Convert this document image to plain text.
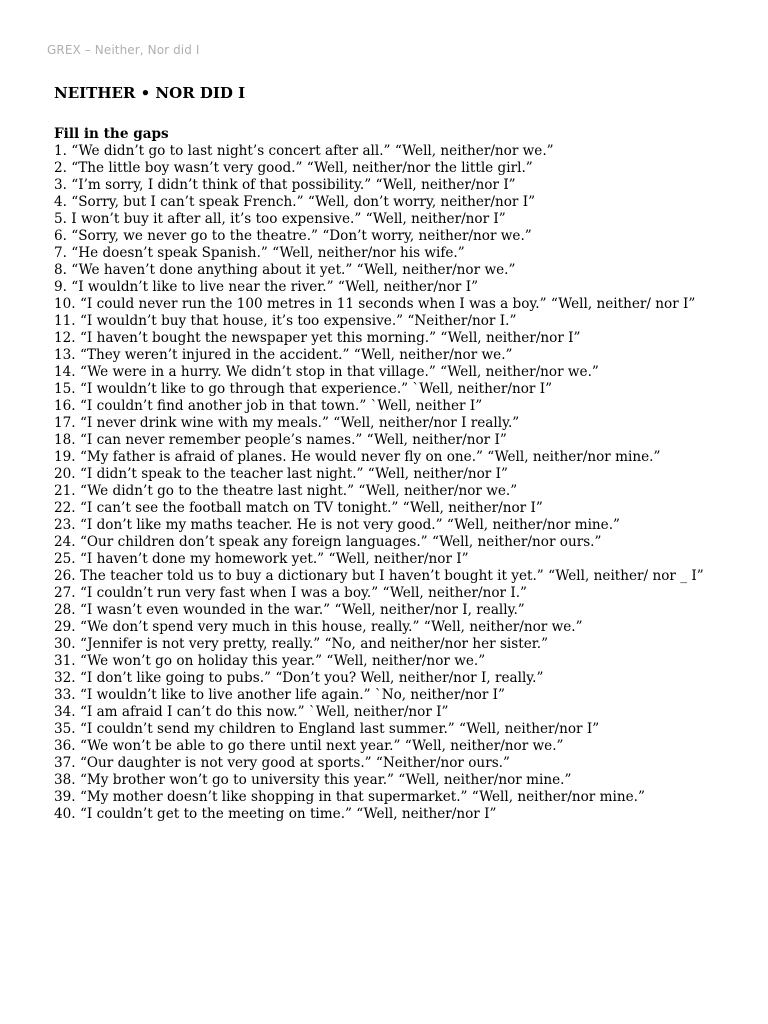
GREX – Neither, Nor did I
NEITHER • NOR DID I
Fill in the gaps
1. “We didn’t go to last night’s concert after all.” “Well, neither/nor we.”
2. “The little boy wasn’t very good.” “Well, neither/nor the little girl.”
3. “I’m sorry, I didn’t think of that possibility.” “Well, neither/nor I”
4. “Sorry, but I can’t speak French.” “Well, don’t worry, neither/nor I”
5. I won’t buy it after all, it’s too expensive.” “Well, neither/nor I”
6. “Sorry, we never go to the theatre.” “Don’t worry, neither/nor we.”
7. “He doesn’t speak Spanish.” “Well, neither/nor his wife.”
8. “We haven’t done anything about it yet.” “Well, neither/nor we.”
9. “I wouldn’t like to live near the river.” “Well, neither/nor I”
10. “I could never run the 100 metres in 11 seconds when I was a boy.” “Well, neither/ nor I”
11. “I wouldn’t buy that house, it’s too expensive.” “Neither/nor I.”
12. “I haven’t bought the newspaper yet this morning.” “Well, neither/nor I”
13. “They weren’t injured in the accident.” “Well, neither/nor we.”
14. “We were in a hurry. We didn’t stop in that village.” “Well, neither/nor we.”
15. “I wouldn’t like to go through that experience.” `Well, neither/nor I”
16. “I couldn’t find another job in that town.” `Well, neither I”
17. “I never drink wine with my meals.” “Well, neither/nor I really.”
18. “I can never remember people’s names.” “Well, neither/nor I”
19. “My father is afraid of planes. He would never fly on one.” “Well, neither/nor mine.”
20. “I didn’t speak to the teacher last night.” “Well, neither/nor I”
21. “We didn’t go to the theatre last night.” “Well, neither/nor we.”
22. “I can’t see the football match on TV tonight.” “Well, neither/nor I”
23. “I don’t like my maths teacher. He is not very good.” “Well, neither/nor mine.”
24. “Our children don’t speak any foreign languages.” “Well, neither/nor ours.”
25. “I haven’t done my homework yet.” “Well, neither/nor I”
26. The teacher told us to buy a dictionary but I haven’t bought it yet.” “Well, neither/ nor _ I”
27. “I couldn’t run very fast when I was a boy.” “Well, neither/nor I.”
28. “I wasn’t even wounded in the war.” “Well, neither/nor I, really.”
29. “We don’t spend very much in this house, really.” “Well, neither/nor we.”
30. “Jennifer is not very pretty, really.” “No, and neither/nor her sister.”
31. “We won’t go on holiday this year.” “Well, neither/nor we.”
32. “I don’t like going to pubs.” “Don’t you? Well, neither/nor I, really.”
33. “I wouldn’t like to live another life again.” `No, neither/nor I”
34. “I am afraid I can’t do this now.” `Well, neither/nor I”
35. “I couldn’t send my children to England last summer.” “Well, neither/nor I”
36. “We won’t be able to go there until next year.” “Well, neither/nor we.”
37. “Our daughter is not very good at sports.” “Neither/nor ours.”
38. “My brother won’t go to university this year.” “Well, neither/nor mine.”
39. “My mother doesn’t like shopping in that supermarket.” “Well, neither/nor mine.”
40. “I couldn’t get to the meeting on time.” “Well, neither/nor I”
